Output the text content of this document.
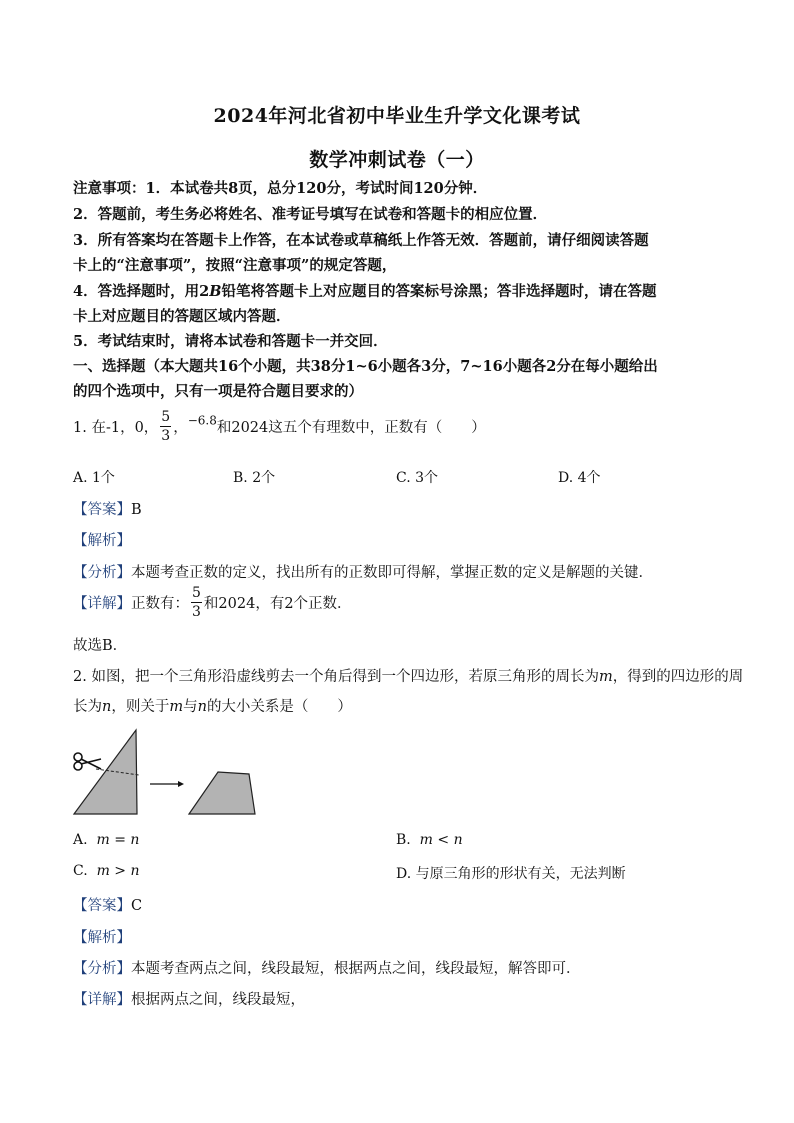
2024年河北省初中毕业生升学文化课考试
数学冲刺试卷（一）
注意事项：1．本试卷共8页，总分120分，考试时间120分钟．
2．答题前，考生务必将姓名、准考证号填写在试卷和答题卡的相应位置．
3．所有答案均在答题卡上作答，在本试卷或草稿纸上作答无效．答题前，请仔细阅读答题
卡上的“注意事项”，按照“注意事项”的规定答题，
4．答选择题时，用2B铅笔将答题卡上对应题目的答案标号涂黑；答非选择题时，请在答题
卡上对应题目的答题区域内答题．
5．考试结束时，请将本试卷和答题卡一并交回．
一、选择题（本大题共16个小题，共38分1~6小题各3分，7~16小题各2分在每小题给出
的四个选项中，只有一项是符合题目要求的）
1. 在-1，0， $\frac{5}{3}$ ，$^{-6.8}$和2024这五个有理数中，正数有（　　）
A. 1个	B. 2个	C. 3个	D. 4个
【答案】B
【解析】
【分析】本题考查正数的定义，找出所有的正数即可得解，掌握正数的定义是解题的关键．
【详解】正数有： $\frac{5}{3}$ 和2024，有2个正数．
故选B．
2. 如图，把一个三角形沿虚线剪去一个角后得到一个四边形，若原三角形的周长为m，得到的四边形的周
长为n，则关于m与n的大小关系是（　　）
A. m = n	B. m < n
C. m > n	D. 与原三角形的形状有关，无法判断
【答案】C
【解析】
【分析】本题考查两点之间，线段最短，根据两点之间，线段最短，解答即可．
【详解】根据两点之间，线段最短，
